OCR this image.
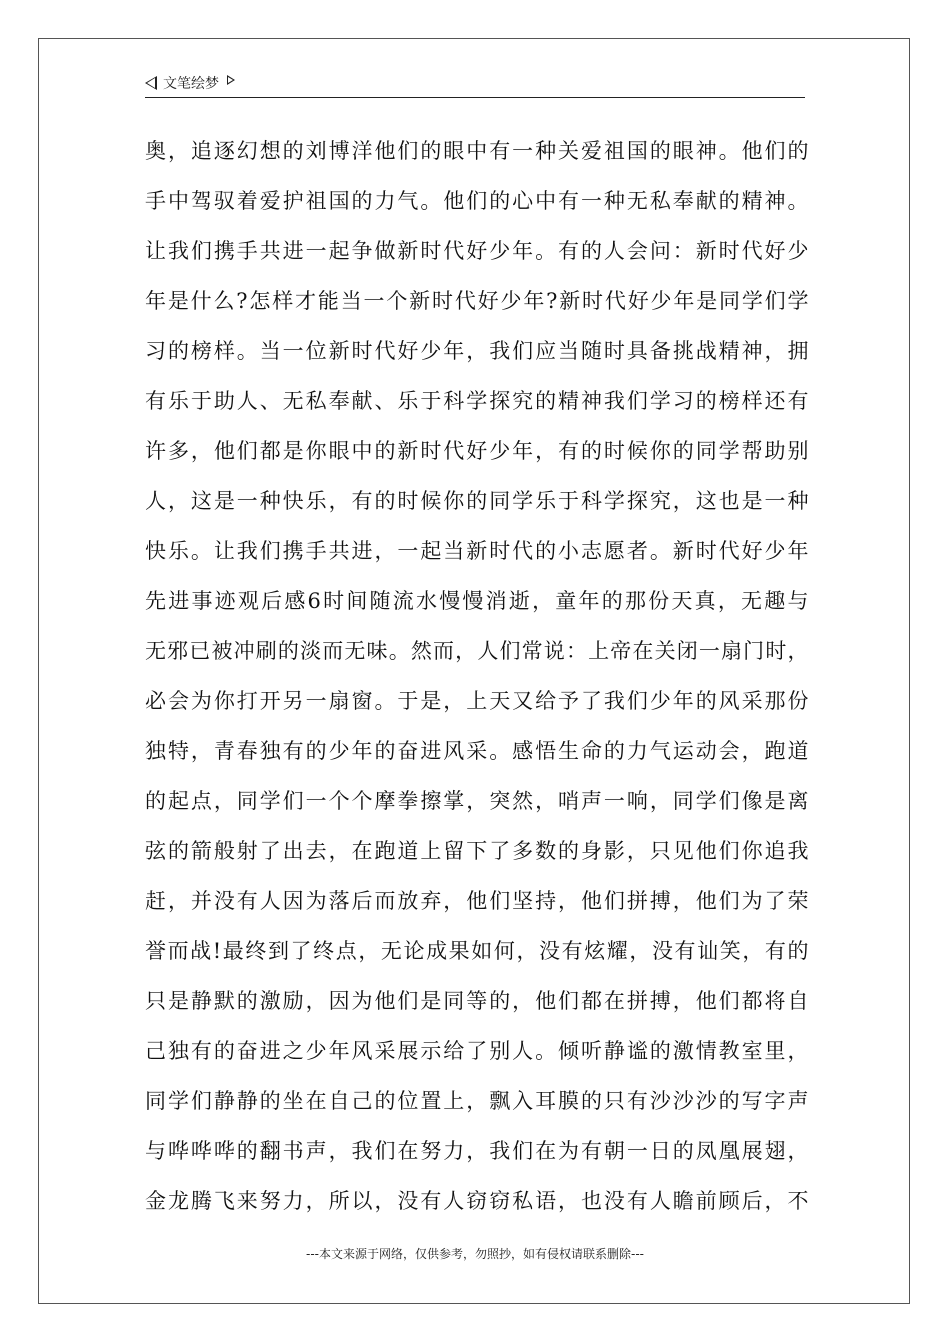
文笔绘梦
奥，追逐幻想的刘博洋他们的眼中有一种关爱祖国的眼神。他们的
手中驾驭着爱护祖国的力气。他们的心中有一种无私奉献的精神。
让我们携手共进一起争做新时代好少年。有的人会问：新时代好少
年是什么?怎样才能当一个新时代好少年?新时代好少年是同学们学
习的榜样。当一位新时代好少年，我们应当随时具备挑战精神，拥
有乐于助人、无私奉献、乐于科学探究的精神我们学习的榜样还有
许多，他们都是你眼中的新时代好少年，有的时候你的同学帮助别
人，这是一种快乐，有的时候你的同学乐于科学探究，这也是一种
快乐。让我们携手共进，一起当新时代的小志愿者。新时代好少年
先进事迹观后感6时间随流水慢慢消逝，童年的那份天真，无趣与
无邪已被冲刷的淡而无味。然而，人们常说：上帝在关闭一扇门时，
必会为你打开另一扇窗。于是，上天又给予了我们少年的风采那份
独特，青春独有的少年的奋进风采。感悟生命的力气运动会，跑道
的起点，同学们一个个摩拳擦掌，突然，哨声一响，同学们像是离
弦的箭般射了出去，在跑道上留下了多数的身影，只见他们你追我
赶，并没有人因为落后而放弃，他们坚持，他们拼搏，他们为了荣
誉而战!最终到了终点，无论成果如何，没有炫耀，没有讪笑，有的
只是静默的激励，因为他们是同等的，他们都在拼搏，他们都将自
己独有的奋进之少年风采展示给了别人。倾听静谧的激情教室里，
同学们静静的坐在自己的位置上，飘入耳膜的只有沙沙沙的写字声
与哗哗哗的翻书声，我们在努力，我们在为有朝一日的凤凰展翅，
金龙腾飞来努力，所以，没有人窃窃私语，也没有人瞻前顾后，不
---本文来源于网络，仅供参考，勿照抄，如有侵权请联系删除---
